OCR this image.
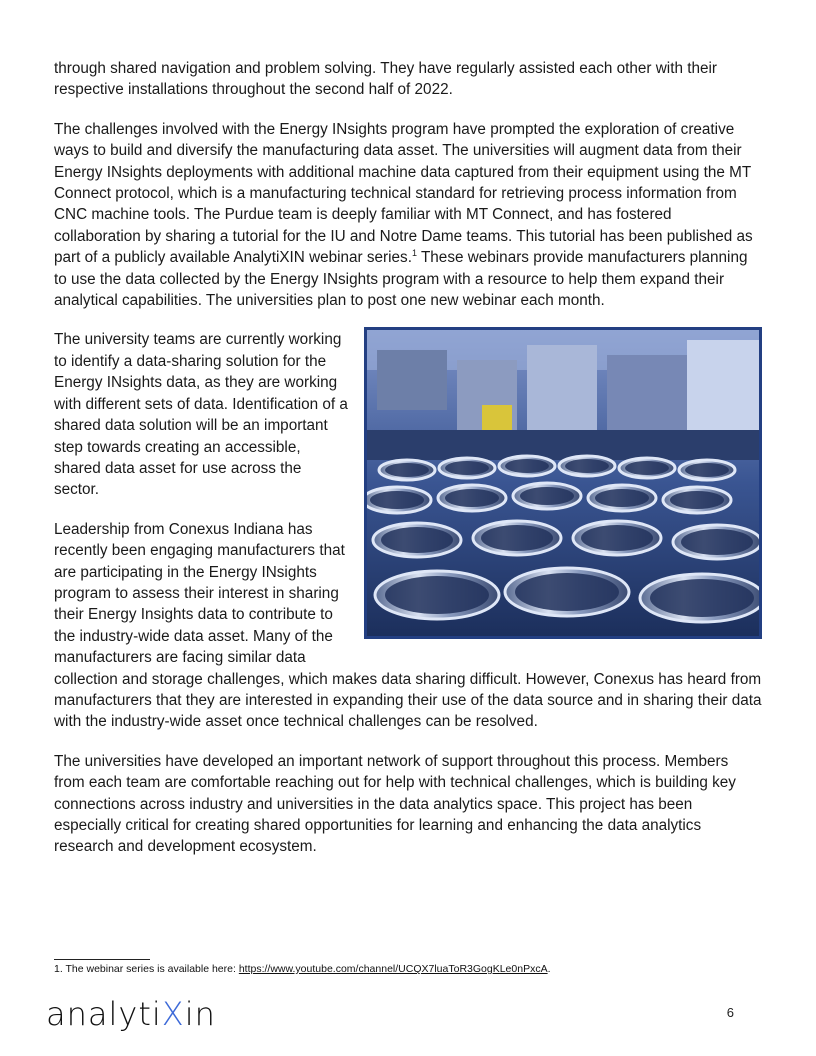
through shared navigation and problem solving. They have regularly assisted each other with their respective installations throughout the second half of 2022.

The challenges involved with the Energy INsights program have prompted the exploration of creative ways to build and diversify the manufacturing data asset. The universities will augment data from their Energy INsights deployments with additional machine data captured from their equipment using the MT Connect protocol, which is a manufacturing technical standard for retrieving process information from CNC machine tools. The Purdue team is deeply familiar with MT Connect, and has fostered collaboration by sharing a tutorial for the IU and Notre Dame teams. This tutorial has been published as part of a publicly available AnalytiXIN webinar series.$^1$ These webinars provide manufacturers planning to use the data collected by the Energy INsights program with a resource to help them expand their analytical capabilities. The universities plan to post one new webinar each month.

The university teams are currently working to identify a data-sharing solution for the Energy INsights data, as they are working with different sets of data. Identification of a shared data solution will be an important step towards creating an accessible, shared data asset for use across the sector.

Leadership from Conexus Indiana has recently been engaging manufacturers that are participating in the Energy INsights program to assess their interest in sharing their Energy Insights data to contribute to the industry-wide data asset. Many of the manufacturers are facing similar data collection and storage challenges, which makes data sharing difficult. However, Conexus has heard from manufacturers that they are interested in expanding their use of the data source and in sharing their data with the industry-wide asset once technical challenges can be resolved.

The universities have developed an important network of support throughout this process. Members from each team are comfortable reaching out for help with technical challenges, which is building key connections across industry and universities in the data analytics space. This project has been especially critical for creating shared opportunities for learning and enhancing the data analytics research and development ecosystem.

1. The webinar series is available here: https://www.youtube.com/channel/UCQX7luaToR3GogKLe0nPxcA.
analytiXin	6
